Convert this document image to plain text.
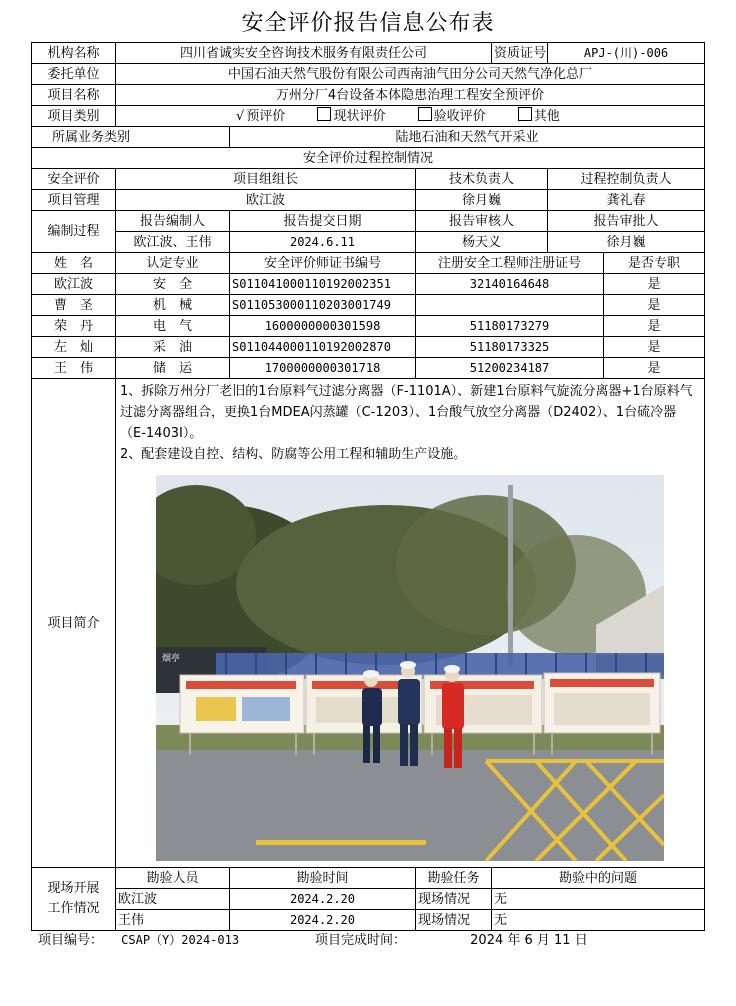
安全评价报告信息公布表
机构名称	四川省诚实安全咨询技术服务有限责任公司			资质证号	APJ-(川)-006	
委托单位	中国石油天然气股份有限公司西南油气田分公司天然气净化总厂					
项目名称	万州分厂4台设备本体隐患治理工程安全预评价					
项目类别	√ 预评价 现状评价 验收评价 其他					
所属业务类别		陆地石油和天然气开采业				
安全评价过程控制情况						
安全评价	项目组组长		技术负责人		过程控制负责人	
项目管理	欧江波		徐月巍		龚礼春	
编制过程	报告编制人	报告提交日期	报告审核人		报告审批人	
	欧江波、王伟	2024.6.11	杨天义		徐月巍	
姓　名	认定专业	安全评价师证书编号	注册安全工程师注册证号			是否专职
欧江波	安　全	S011041000110192002351	32140164648			是
曹　圣	机　械	S011053000110203001749				是
荣　丹	电　气	1600000000301598	51180173279			是
左　灿	采　油	S011044000110192002870	51180173325			是
王　伟	储　运	1700000000301718	51200234187			是
项目简介	1、拆除万州分厂老旧的1台原料气过滤分离器（F-1101A）、新建1台原料气旋流分离器+1台原料气过滤分离器组合，更换1台MDEA闪蒸罐（C-1203）、1台酸气放空分离器（D2402）、1台硫冷器（E-1403Ⅰ）。
2、配套建设自控、结构、防腐等公用工程和辅助生产设施。
烟亭					

现场开展
工作情况	勘验人员	勘验时间	勘验任务	勘验中的问题		
	欧江波	2024.2.20	现场情况	无		
	王伟	2024.2.20	现场情况	无		
项目编号： CSAP（Y）2024-013	项目完成时间：	2024 年 6 月 11 日
